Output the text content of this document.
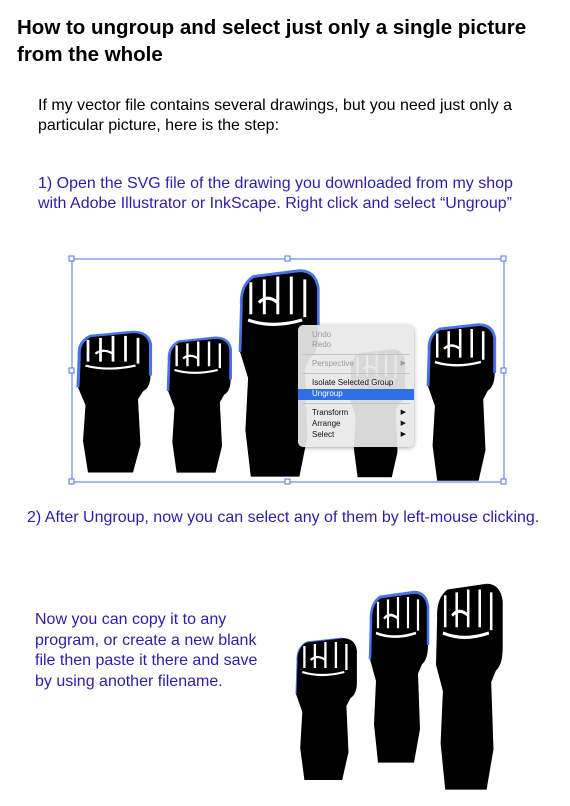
How to ungroup and select just only a single picture from the whole
If my vector file contains several drawings, but you need just only a particular picture, here is the step:
1) Open the SVG file of the drawing you downloaded from my shop with Adobe Illustrator or InkScape. Right click and select “Ungroup”
Undo
Redo
Perspective	▶
Isolate Selected Group
Ungroup
Transform	▶
Arrange	▶
Select	▶
2) After Ungroup, now you can select any of them by left-mouse clicking.
Now you can copy it to any program, or create a new blank file then paste it there and save by using another filename.
